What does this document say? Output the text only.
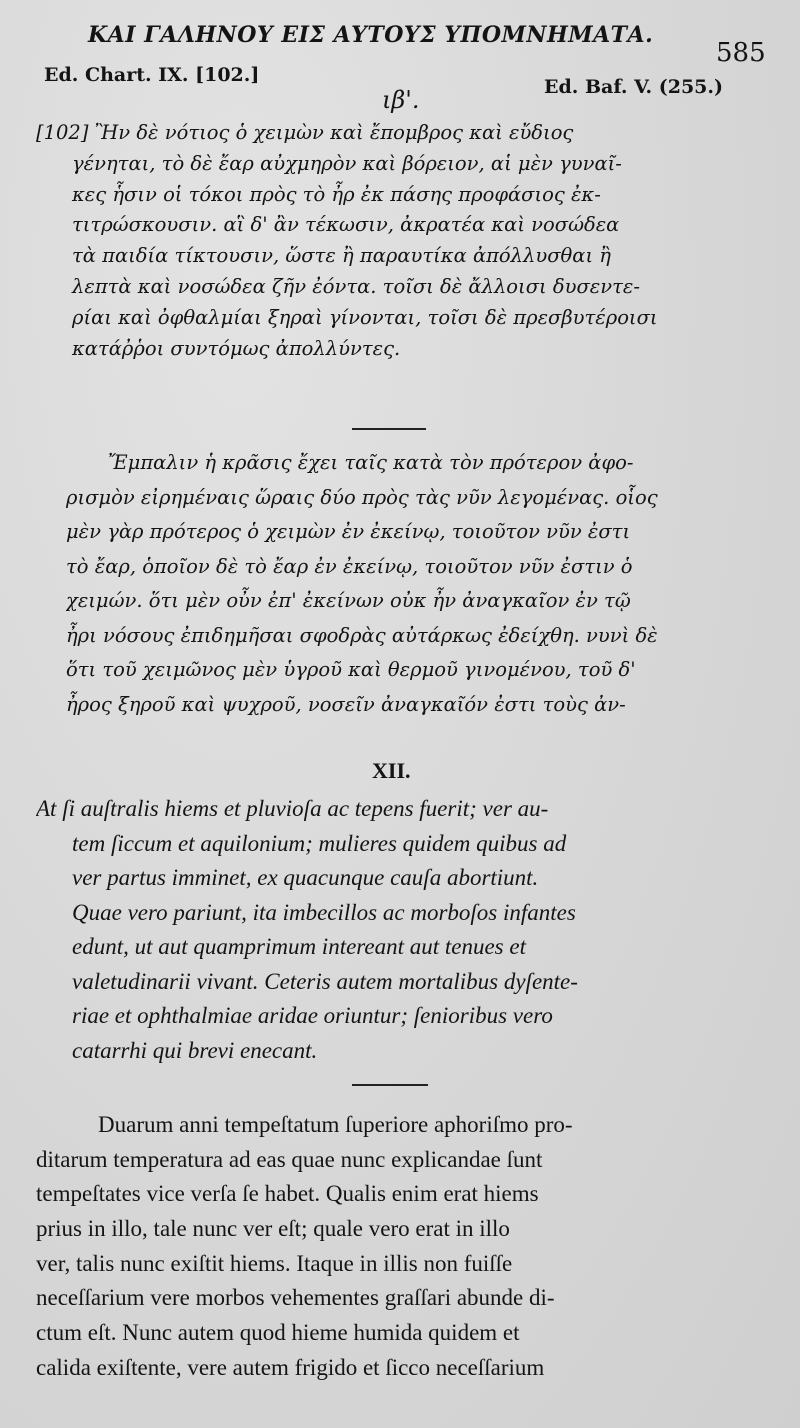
ΚΑΙ ΓΑΛΗΝΟΥ ΕΙΣ ΑΥΤΟΥΣ ΥΠΟΜΝΗΜΑΤΑ.
585
Ed. Chart. IX. [102.]
Ed. Baf. V. (255.)
ιβ'.
[102] Ἢν δὲ νότιος ὁ χειμὼν καὶ ἔπομβρος καὶ εὔδιος
γένηται, τὸ δὲ ἔαρ αὐχμηρὸν καὶ βόρειον, αἱ μὲν γυναῖ-
κες ἧσιν οἱ τόκοι πρὸς τὸ ἦρ ἐκ πάσης προφάσιος ἐκ-
τιτρώσκουσιν. αἳ δ' ἂν τέκωσιν, ἀκρατέα καὶ νοσώδεα
τὰ παιδία τίκτουσιν, ὥστε ἢ παραυτίκα ἀπόλλυσθαι ἢ
λεπτὰ καὶ νοσώδεα ζῆν ἐόντα. τοῖσι δὲ ἄλλοισι δυσεντε-
ρίαι καὶ ὀφθαλμίαι ξηραὶ γίνονται, τοῖσι δὲ πρεσβυτέροισι
κατάῤῥοι συντόμως ἀπολλύντες.
Ἔμπαλιν ἡ κρᾶσις ἔχει ταῖς κατὰ τὸν πρότερον ἀφο-
ρισμὸν εἰρημέναις ὥραις δύο πρὸς τὰς νῦν λεγομένας. οἷος
μὲν γὰρ πρότερος ὁ χειμὼν ἐν ἐκείνῳ, τοιοῦτον νῦν ἐστι
τὸ ἔαρ, ὁποῖον δὲ τὸ ἔαρ ἐν ἐκείνῳ, τοιοῦτον νῦν ἐστιν ὁ
χειμών. ὅτι μὲν οὖν ἐπ' ἐκείνων οὐκ ἦν ἀναγκαῖον ἐν τῷ
ἦρι νόσους ἐπιδημῆσαι σφοδρὰς αὐτάρκως ἐδείχθη. νυνὶ δὲ
ὅτι τοῦ χειμῶνος μὲν ὑγροῦ καὶ θερμοῦ γινομένου, τοῦ δ'
ἦρος ξηροῦ καὶ ψυχροῦ, νοσεῖν ἀναγκαῖόν ἐστι τοὺς ἀν-
XII.
At ſi auſtralis hiems et pluvioſa ac tepens fuerit; ver au-
tem ſiccum et aquilonium; mulieres quidem quibus ad
ver partus imminet, ex quacunque cauſa abortiunt.
Quae vero pariunt, ita imbecillos ac morboſos infantes
edunt, ut aut quamprimum intereant aut tenues et
valetudinarii vivant. Ceteris autem mortalibus dyſente-
riae et ophthalmiae aridae oriuntur; ſenioribus vero
catarrhi qui brevi enecant.
Duarum anni tempeſtatum ſuperiore aphoriſmo pro-
ditarum temperatura ad eas quae nunc explicandae ſunt
tempeſtates vice verſa ſe habet. Qualis enim erat hiems
prius in illo, tale nunc ver eſt; quale vero erat in illo
ver, talis nunc exiſtit hiems. Itaque in illis non fuiſſe
neceſſarium vere morbos vehementes graſſari abunde di-
ctum eſt. Nunc autem quod hieme humida quidem et
calida exiſtente, vere autem frigido et ſicco neceſſarium
